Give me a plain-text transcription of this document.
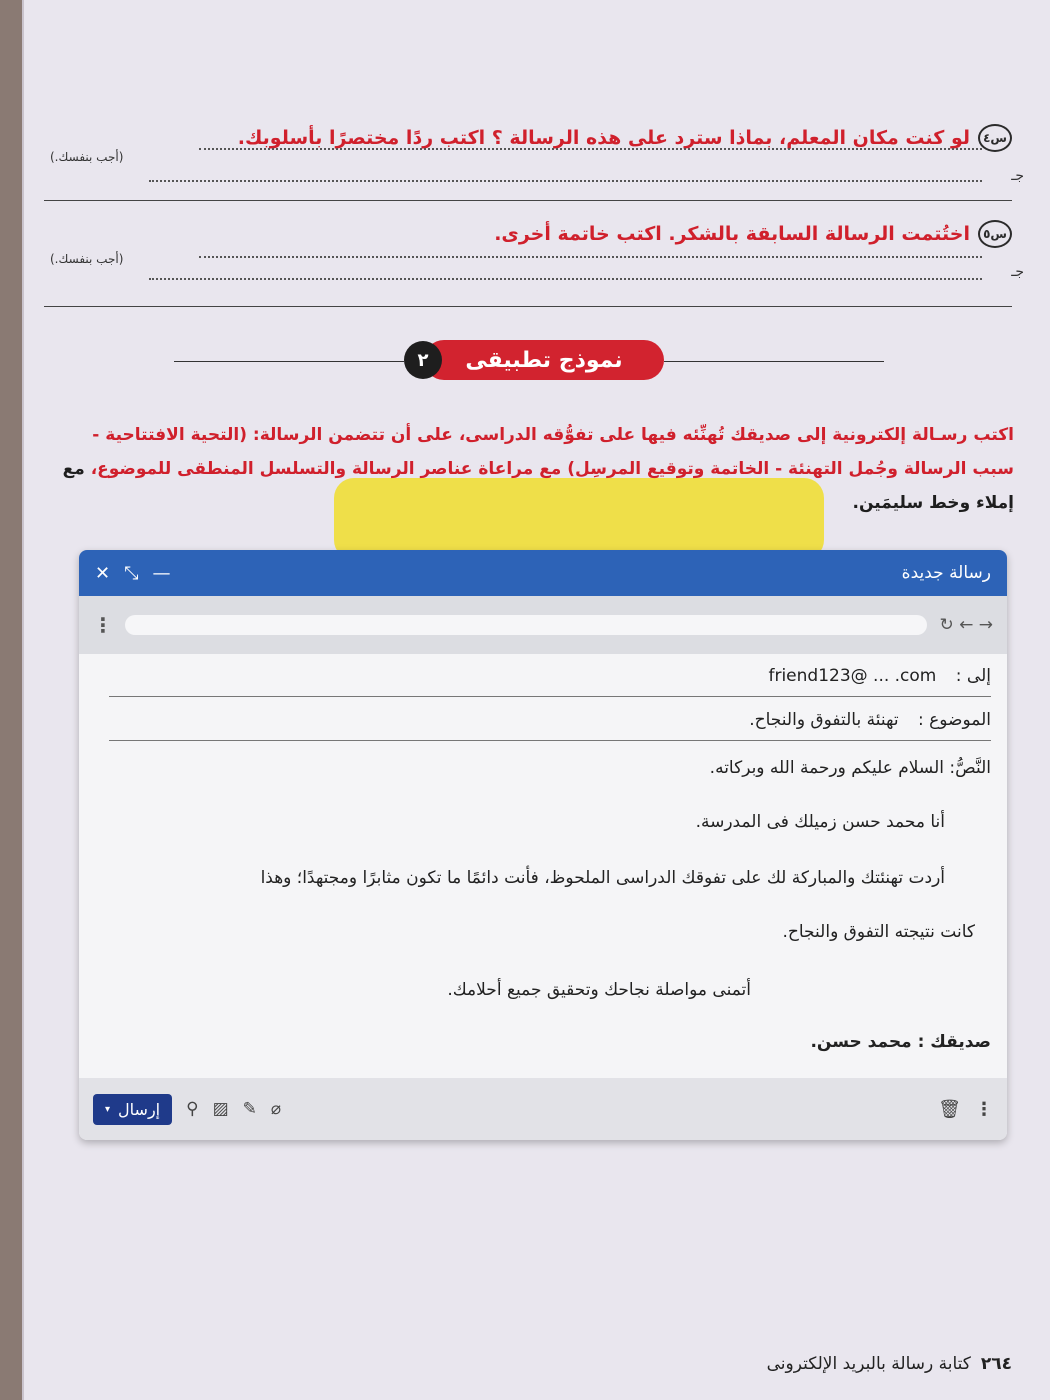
س٤
لو كنت مكان المعلم، بماذا سترد على هذه الرسالة ؟ اكتب ردًا مختصرًا بأسلوبك.
(أجب بنفسك.)
جـ
س٥
اختُتمت الرسالة السابقة بالشكر. اكتب خاتمة أخرى.
(أجب بنفسك.)
جـ
نموذج تطبيقى
٢
اكتب رسـالة إلكترونية إلى صديقك تُهنِّئه فيها على تفوُّقه الدراسى، على أن تتضمن الرسالة: (التحية الافتتاحية - سبب الرسالة وجُمل التهنئة - الخاتمة وتوقيع المرسِل) مع مراعاة عناصر الرسالة والتسلسل المنطقى للموضوع، مع إملاء وخط سليمَين.
رسالة جديدة
✕ ⤡ —
↻ ← →
⋮
إلى : friend123@ ... .com
الموضوع : تهنئة بالتفوق والنجاح.
النَّصُّ: السلام عليكم ورحمة الله وبركاته.
أنا محمد حسن زميلك فى المدرسة.
أردت تهنئتك والمباركة لك على تفوقك الدراسى الملحوظ، فأنت دائمًا ما تكون مثابرًا ومجتهدًا؛ وهذا
كانت نتيجته التفوق والنجاح.
أتمنى مواصلة نجاحك وتحقيق جميع أحلامك.
صديقك : محمد حسن.
▾ إرسال ⚲ ▨ ✎ ⌀	🗑 ⋮
٢٦٤
كتابة رسالة بالبريد الإلكترونى
